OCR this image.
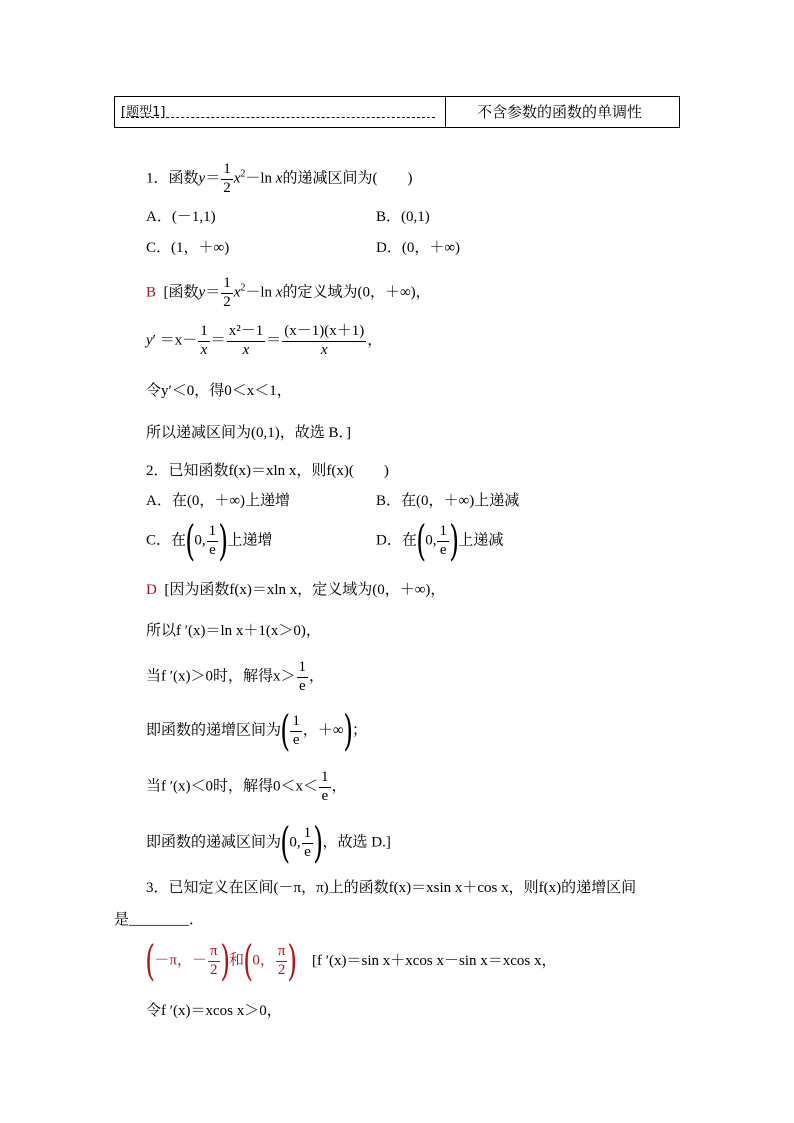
[题型1]	不含参数的函数的单调性
1．函数$y= \frac{1}{2} x^2-\ln$ x的递减区间为(　　)
A．(－1,1)	B．(0,1)
C．(1，＋∞)	D．(0，＋∞)
B [函数$y= \frac{1}{2} x^2-\ln$ x的定义域为(0，＋∞)，
$y' =x- \frac{1}{x} = \frac{\text{x²－1}}{x} = \frac{(x-1)(x+1)}{x}$ ，
令y′＜0，得0＜x＜1，
所以递减区间为(0,1)，故选 B．]
2．已知函数f(x)＝xln x，则f(x)(　　)
A．在(0，＋∞)上递增	B．在(0，＋∞)上递减
C．在(0, $\frac{1}{e}$ )上递增	D．在(0, $\frac{1}{e}$ )上递减
D [因为函数f(x)＝xln x，定义域为(0，＋∞)，
所以f ′(x)＝ln x＋1(x＞0)，
当f ′(x)＞0时，解得$x> \frac{1}{e}$ ，
即函数的递增区间为( $\frac{1}{e}$ ，＋∞)；
当f ′(x)＜0时，解得$0<x< \frac{1}{e}$ ，
即函数的递减区间为(0, $\frac{1}{e}$ )，故选 D.]
3．已知定义在区间(－π，π)上的函数f(x)＝xsin x＋cos x，则f(x)的递增区间
是________．
(－π，－ $\frac{\pi}{2}$ )和(0， $\frac{\pi}{2}$ ) [f ′(x)＝sin x＋xcos x－sin x＝xcos x，
令f ′(x)＝xcos x＞0，
